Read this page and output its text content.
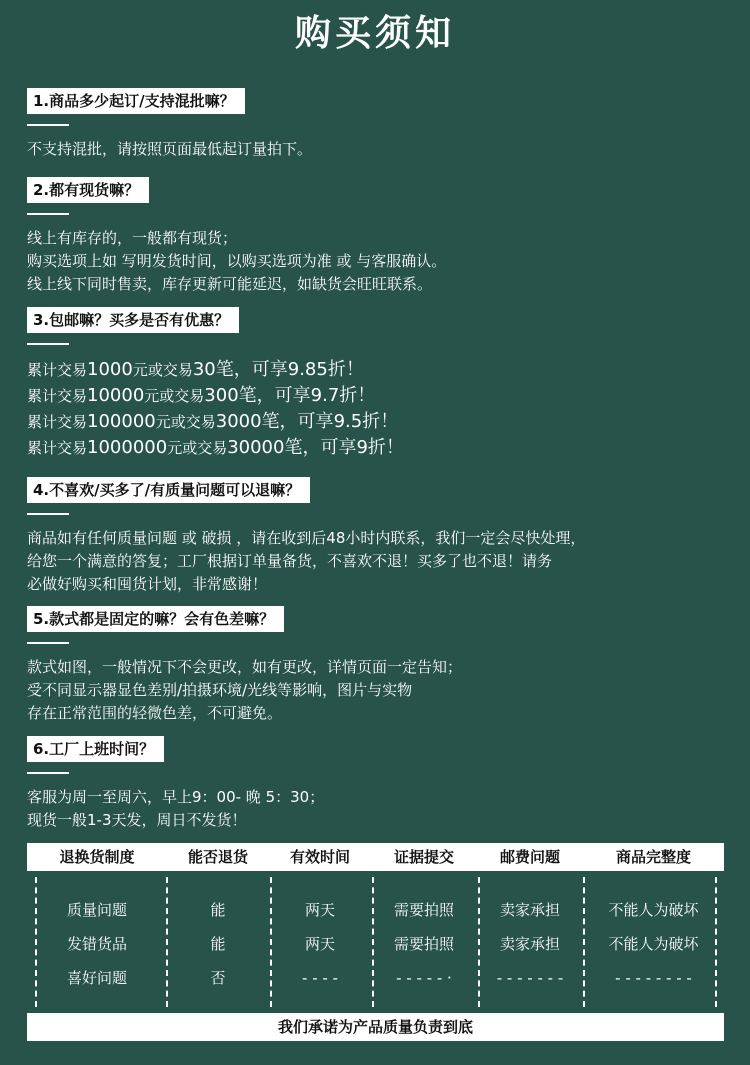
购买须知
1.商品多少起订/支持混批嘛？
不支持混批，请按照页面最低起订量拍下。
2.都有现货嘛？
线上有库存的，一般都有现货；
购买选项上如 写明发货时间，以购买选项为准 或 与客服确认。
线上线下同时售卖，库存更新可能延迟，如缺货会旺旺联系。
3.包邮嘛？买多是否有优惠？
累计交易1000元或交易30笔，可享9.85折！
累计交易10000元或交易300笔，可享9.7折！
累计交易100000元或交易3000笔，可享9.5折！
累计交易1000000元或交易30000笔，可享9折！
4.不喜欢/买多了/有质量问题可以退嘛？
商品如有任何质量问题 或 破损 ，请在收到后48小时内联系，我们一定会尽快处理，
给您一个满意的答复；工厂根据订单量备货，不喜欢不退！买多了也不退！请务
必做好购买和囤货计划，非常感谢！
5.款式都是固定的嘛？会有色差嘛？
款式如图，一般情况下不会更改，如有更改，详情页面一定告知；
受不同显示器显色差别/拍摄环境/光线等影响，图片与实物
存在正常范围的轻微色差，不可避免。
6.工厂上班时间？
客服为周一至周六，早上9：00- 晚 5：30；
现货一般1-3天发，周日不发货！
退换货制度	能否退货	有效时间	证据提交	邮费问题	商品完整度
质量问题	能	两天	需要拍照	卖家承担	不能人为破坏
发错货品	能	两天	需要拍照	卖家承担	不能人为破坏
喜好问题	否	- - - -	- - - - - ·	- - - - - - -	- - - - - - - -
我们承诺为产品质量负责到底
